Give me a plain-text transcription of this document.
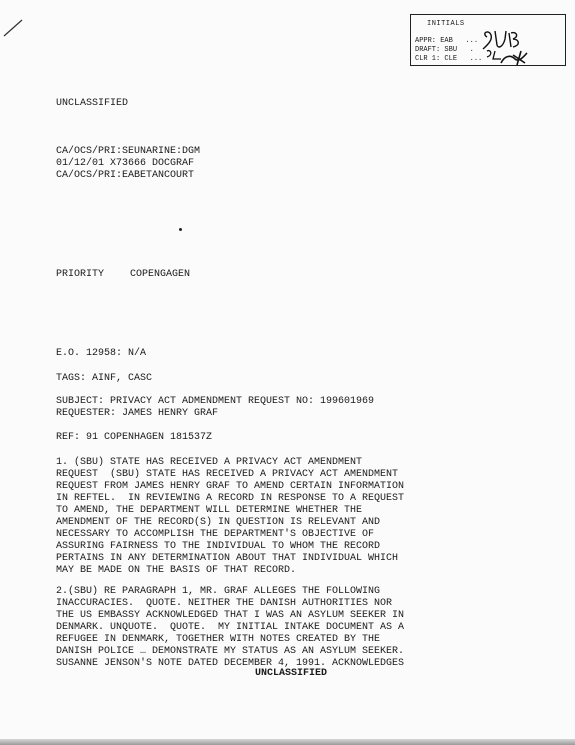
INITIALS
APPR: EAB ...
DRAFT: SBU .
CLR 1: CLE ...
UNCLASSIFIED
CA/OCS/PRI:SEUNARINE:DGM
01/12/01 X73666 DOCGRAF
CA/OCS/PRI:EABETANCOURT
PRIORITY	COPENGAGEN
E.O. 12958: N/A
TAGS: AINF, CASC
SUBJECT: PRIVACY ACT ADMENDMENT REQUEST NO: 199601969
REQUESTER: JAMES HENRY GRAF
REF: 91 COPENHAGEN 181537Z
1. (SBU) STATE HAS RECEIVED A PRIVACY ACT AMENDMENT
REQUEST  (SBU) STATE HAS RECEIVED A PRIVACY ACT AMENDMENT
REQUEST FROM JAMES HENRY GRAF TO AMEND CERTAIN INFORMATION
IN REFTEL.  IN REVIEWING A RECORD IN RESPONSE TO A REQUEST
TO AMEND, THE DEPARTMENT WILL DETERMINE WHETHER THE
AMENDMENT OF THE RECORD(S) IN QUESTION IS RELEVANT AND
NECESSARY TO ACCOMPLISH THE DEPARTMENT'S OBJECTIVE OF
ASSURING FAIRNESS TO THE INDIVIDUAL TO WHOM THE RECORD
PERTAINS IN ANY DETERMINATION ABOUT THAT INDIVIDUAL WHICH
MAY BE MADE ON THE BASIS OF THAT RECORD.
2.(SBU) RE PARAGRAPH 1, MR. GRAF ALLEGES THE FOLLOWING
INACCURACIES.  QUOTE. NEITHER THE DANISH AUTHORITIES NOR
THE US EMBASSY ACKNOWLEDGED THAT I WAS AN ASYLUM SEEKER IN
DENMARK. UNQUOTE.  QUOTE.  MY INITIAL INTAKE DOCUMENT AS A
REFUGEE IN DENMARK, TOGETHER WITH NOTES CREATED BY THE
DANISH POLICE … DEMONSTRATE MY STATUS AS AN ASYLUM SEEKER.
SUSANNE JENSON'S NOTE DATED DECEMBER 4, 1991. ACKNOWLEDGES
UNCLASSIFIED
